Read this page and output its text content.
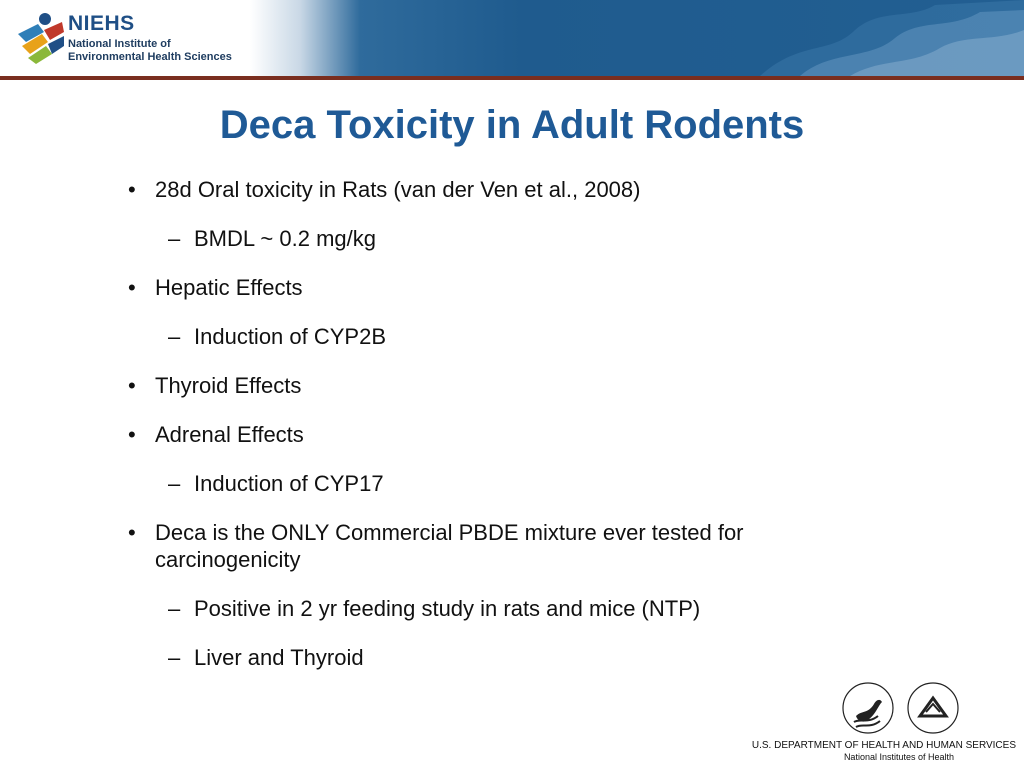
NIEHS
National Institute of
Environmental Health Sciences
Deca Toxicity in Adult Rodents
• 28d Oral toxicity in Rats (van der Ven et al., 2008)
– BMDL ~ 0.2 mg/kg
• Hepatic Effects
– Induction of CYP2B
• Thyroid Effects
• Adrenal Effects
– Induction of CYP17
• Deca is the ONLY Commercial PBDE mixture ever tested for carcinogenicity
– Positive in 2 yr feeding study in rats and mice (NTP)
– Liver and Thyroid
U.S. DEPARTMENT OF HEALTH AND HUMAN SERVICES
National Institutes of Health
